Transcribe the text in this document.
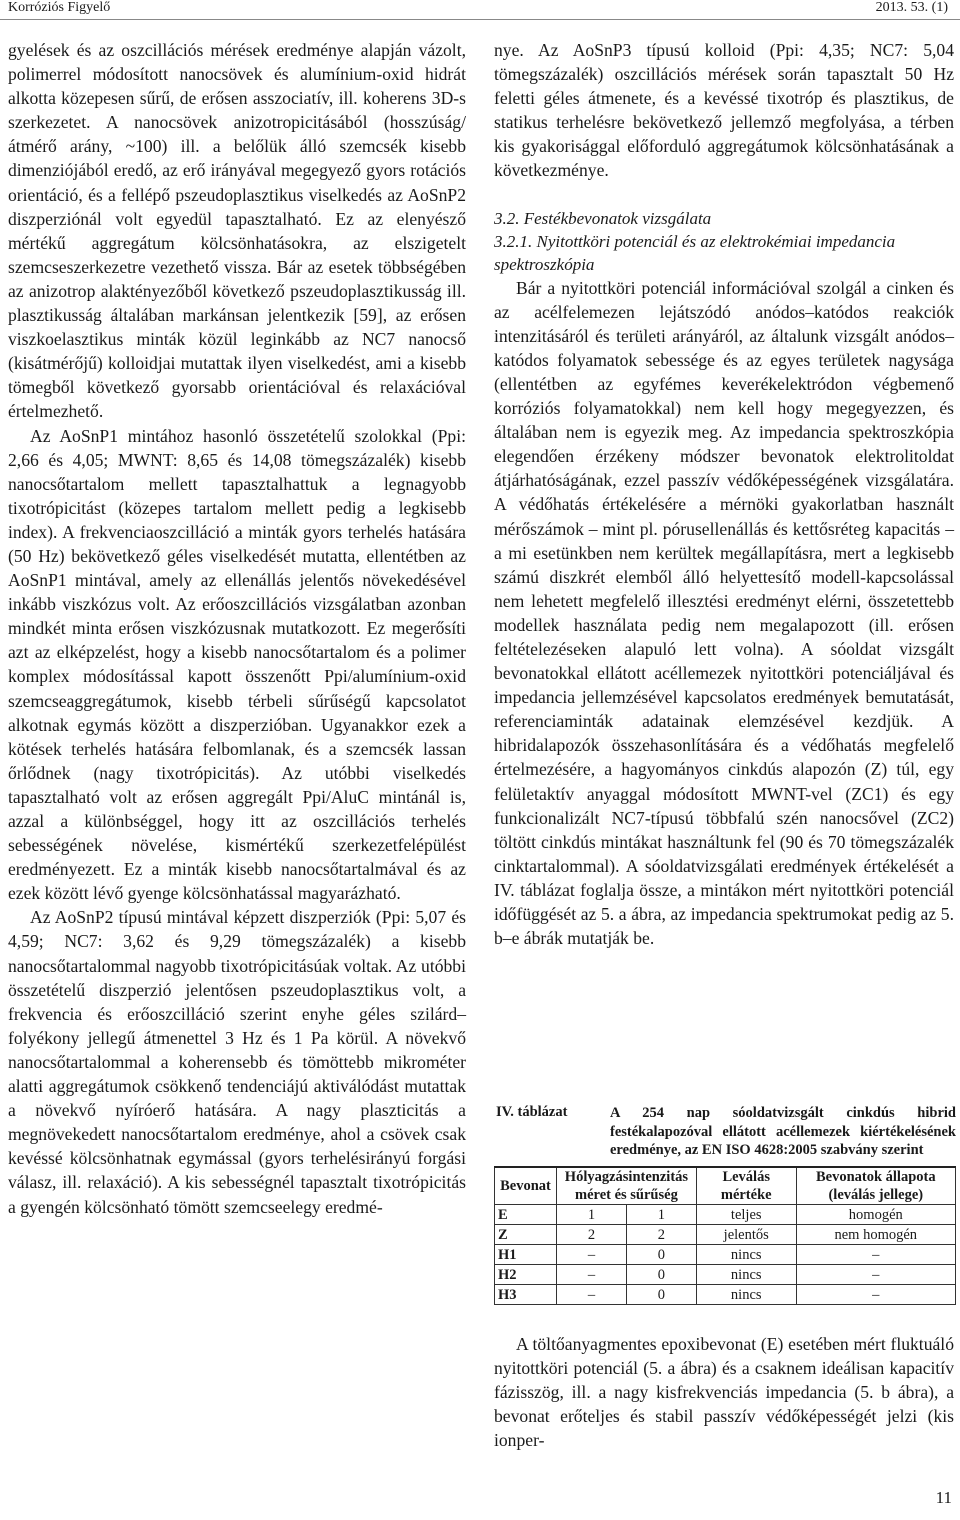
Korróziós Figyelő	2013. 53. (1)

gyelések és az oszcillációs mérések eredménye alapján vázolt, polimerrel módosított nanocsövek és alumínium-oxid hidrát alkotta közepesen sűrű, de erősen asszociatív, ill. koherens 3D-s szerkezetet. A nanocsövek anizotropicitásából (hosszúság/átmérő arány, ~100) ill. a belőlük álló szemcsék kisebb dimenziójából eredő, az erő irányával megegyező gyors rotációs orientáció, és a fellépő pszeudoplasztikus viselkedés az AoSnP2 diszperziónál volt egyedül tapasztalható. Ez az elenyésző mértékű aggregátum kölcsönhatásokra, az elszigetelt szemcseszerkezetre vezethető vissza. Bár az esetek többségében az anizotrop alaktényezőből következő pszeudoplasztikusság ill. plasztikusság általában markánsan jelentkezik [59], az erősen viszkoelasztikus minták közül leginkább az NC7 nanocső (kisátmérőjű) kolloidjai mutattak ilyen viselkedést, ami a kisebb tömegből következő gyorsabb orientációval és relaxációval értelmezhető.

Az AoSnP1 mintához hasonló összetételű szolokkal (Ppi: 2,66 és 4,05; MWNT: 8,65 és 14,08 tömegszázalék) kisebb nanocsőtartalom mellett tapasztalhattuk a legnagyobb tixotrópicitást (közepes tartalom mellett pedig a legkisebb index). A frekvenciaoszcilláció a minták gyors terhelés hatására (50 Hz) bekövetkező géles viselkedését mutatta, ellentétben az AoSnP1 mintával, amely az ellenállás jelentős növekedésével inkább viszkózus volt. Az erőoszcillációs vizsgálatban azonban mindkét minta erősen viszkózusnak mutatkozott. Ez megerősíti azt az elképzelést, hogy a kisebb nanocsőtartalom és a polimer komplex módosítással kapott összenőtt Ppi/alumínium-oxid szemcseaggregátumok, kisebb térbeli sűrűségű kapcsolatot alkotnak egymás között a diszperzióban. Ugyanakkor ezek a kötések terhelés hatására felbomlanak, és a szemcsék lassan őrlődnek (nagy tixotrópicitás). Az utóbbi viselkedés tapasztalható volt az erősen aggregált Ppi/AluC mintánál is, azzal a különbséggel, hogy itt az oszcillációs terhelés sebességének növelése, kismértékű szerkezetfelépülést eredményezett. Ez a minták kisebb nanocsőtartalmával és az ezek között lévő gyenge kölcsönhatással magyarázható.

Az AoSnP2 típusú mintával képzett diszperziók (Ppi: 5,07 és 4,59; NC7: 3,62 és 9,29 tömegszázalék) a kisebb nanocsőtartalommal nagyobb tixotrópicitásúak voltak. Az utóbbi összetételű diszperzió jelentősen pszeudoplasztikus volt, a frekvencia és erőoszcilláció szerint enyhe géles szilárd–folyékony jellegű átmenettel 3 Hz és 1 Pa körül. A növekvő nanocsőtartalommal a koherensebb és tömöttebb mikrométer alatti aggregátumok csökkenő tendenciájú aktiválódást mutattak a növekvő nyíróerő hatására. A nagy plaszticitás a megnövekedett nanocsőtartalom eredménye, ahol a csövek csak kevéssé kölcsönhatnak egymással (gyors terhelésirányú forgási válasz, ill. relaxáció). A kis sebességnél tapasztalt tixotrópicitás a gyengén kölcsönható tömött szemcseelegy eredmé-

nye. Az AoSnP3 típusú kolloid (Ppi: 4,35; NC7: 5,04 tömegszázalék) oszcillációs mérések során tapasztalt 50 Hz feletti géles átmenete, és a kevéssé tixotróp és plasztikus, de statikus terhelésre bekövetkező jellemző megfolyása, a térben kis gyakorisággal előforduló aggregátumok kölcsönhatásának a következménye.

3.2. Festékbevonatok vizsgálata
3.2.1. Nyitottköri potenciál és az elektrokémiai impedancia spektroszkópia

Bár a nyitottköri potenciál információval szolgál a cinken és az acélfelemezen lejátszódó anódos–katódos reakciók intenzitásáról és területi arányáról, az általunk vizsgált anódos–katódos folyamatok sebessége és az egyes területek nagysága (ellentétben az egyfémes keverékelektródon végbemenő korróziós folyamatokkal) nem kell hogy megegyezzen, és általában nem is egyezik meg. Az impedancia spektroszkópia elegendően érzékeny módszer bevonatok elektrolitoldat átjárhatóságának, ezzel passzív védőképességének vizsgálatára. A védőhatás értékelésére a mérnöki gyakorlatban használt mérőszámok – mint pl. pórusellenállás és kettősréteg kapacitás – a mi esetünkben nem kerültek megállapításra, mert a legkisebb számú diszkrét elemből álló helyettesítő modell-kapcsolással nem lehetett megfelelő illesztési eredményt elérni, összetettebb modellek használata pedig nem megalapozott (ill. erősen feltételezéseken alapuló lett volna). A sóoldat vizsgált bevonatokkal ellátott acéllemezek nyitottköri potenciáljával és impedancia jellemzésével kapcsolatos eredmények bemutatását, referenciaminták adatainak elemzésével kezdjük. A hibridalapozók összehasonlítására és a védőhatás megfelelő értelmezésére, a hagyományos cinkdús alapozón (Z) túl, egy felületaktív anyaggal módosított MWNT-vel (ZC1) és egy funkcionalizált NC7-típusú többfalú szén nanocsővel (ZC2) töltött cinkdús mintákat használtunk fel (90 és 70 tömegszázalék cinktartalommal). A sóoldatvizsgálati eredmények értékelését a IV. táblázat foglalja össze, a mintákon mért nyitottköri potenciál időfüggését az 5. a ábra, az impedancia spektrumokat pedig az 5. b–e ábrák mutatják be.

IV. táblázat	A 254 nap sóoldatvizsgált cinkdús hibrid festékalapozóval ellátott acéllemezek kiértékelésének eredménye, az EN ISO 4628:2005 szabvány szerint
Bevonat	Hólyagzásintenzitás méret és sűrűség		Leválás mértéke	Bevonatok állapota (leválás jellege)
E	1	1	teljes	homogén
Z	2	2	jelentős	nem homogén
H1	–	0	nincs	–
H2	–	0	nincs	–
H3	–	0	nincs	–

A töltőanyagmentes epoxibevonat (E) esetében mért fluktuáló nyitottköri potenciál (5. a ábra) és a csaknem ideálisan kapacitív fázisszög, ill. a nagy kisfrekvenciás impedancia (5. b ábra), a bevonat erőteljes és stabil passzív védőképességét jelzi (kis ionper-

11
